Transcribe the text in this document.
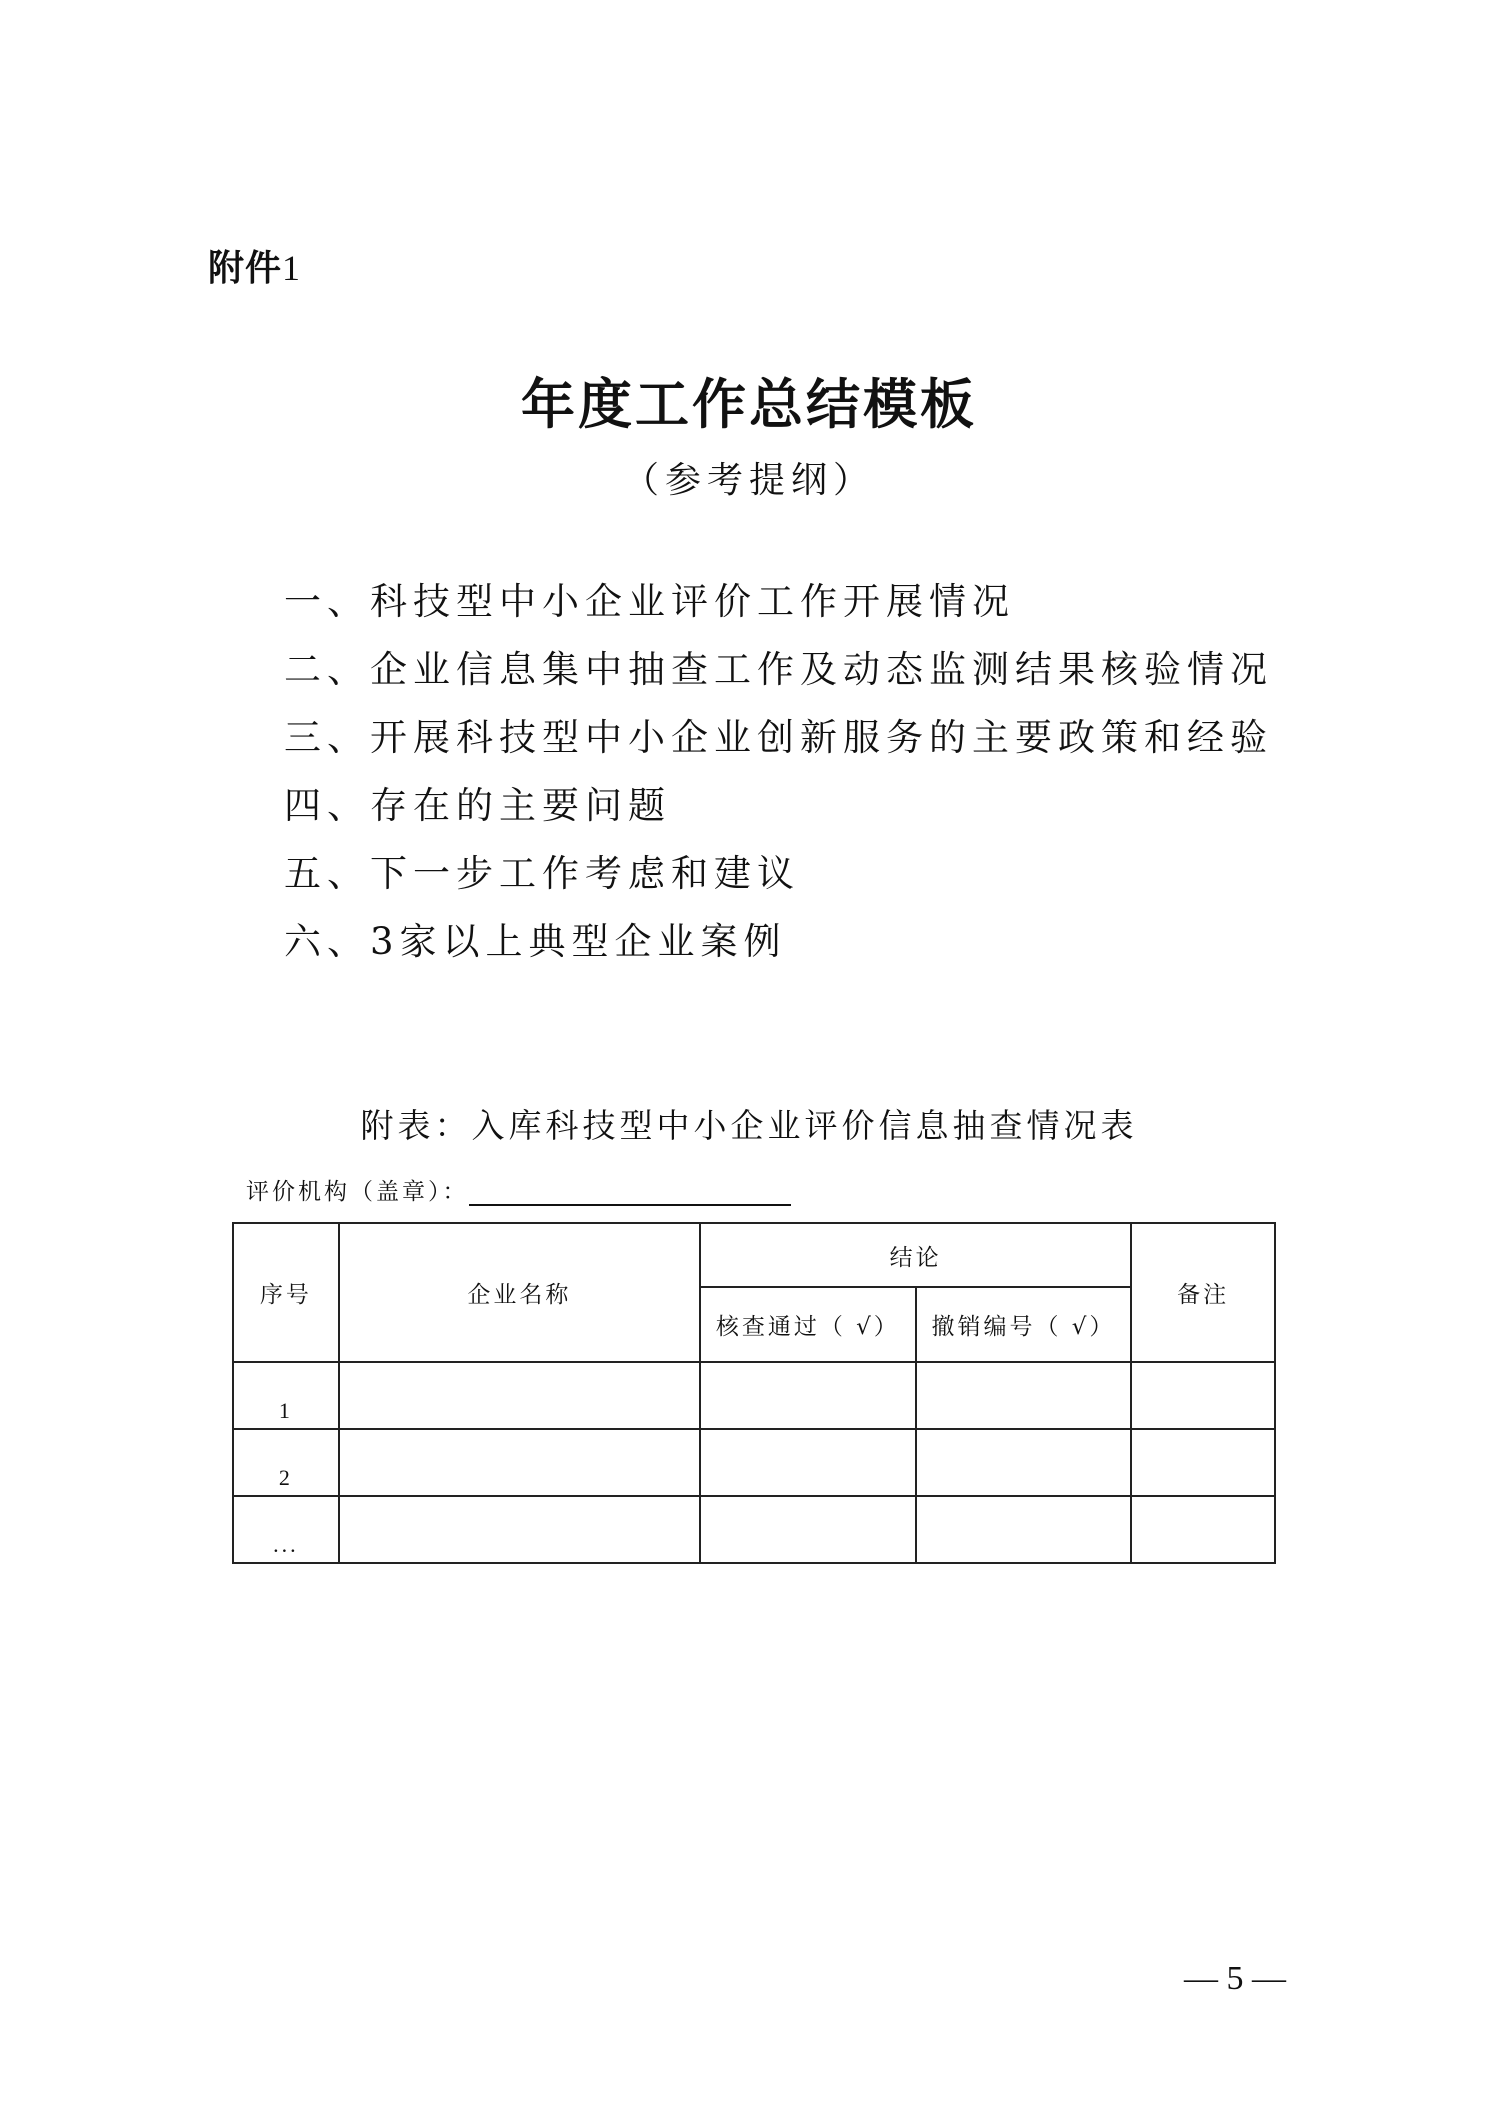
附件1
年度工作总结模板
（参考提纲）
一、科技型中小企业评价工作开展情况
二、企业信息集中抽查工作及动态监测结果核验情况
三、开展科技型中小企业创新服务的主要政策和经验
四、存在的主要问题
五、下一步工作考虑和建议
六、3家以上典型企业案例
附表：入库科技型中小企业评价信息抽查情况表
评价机构（盖章）：
序号	企业名称	结论		备注
		核查通过（ √）	撤销编号（ √）	
1				
2				
...				
— 5 —
